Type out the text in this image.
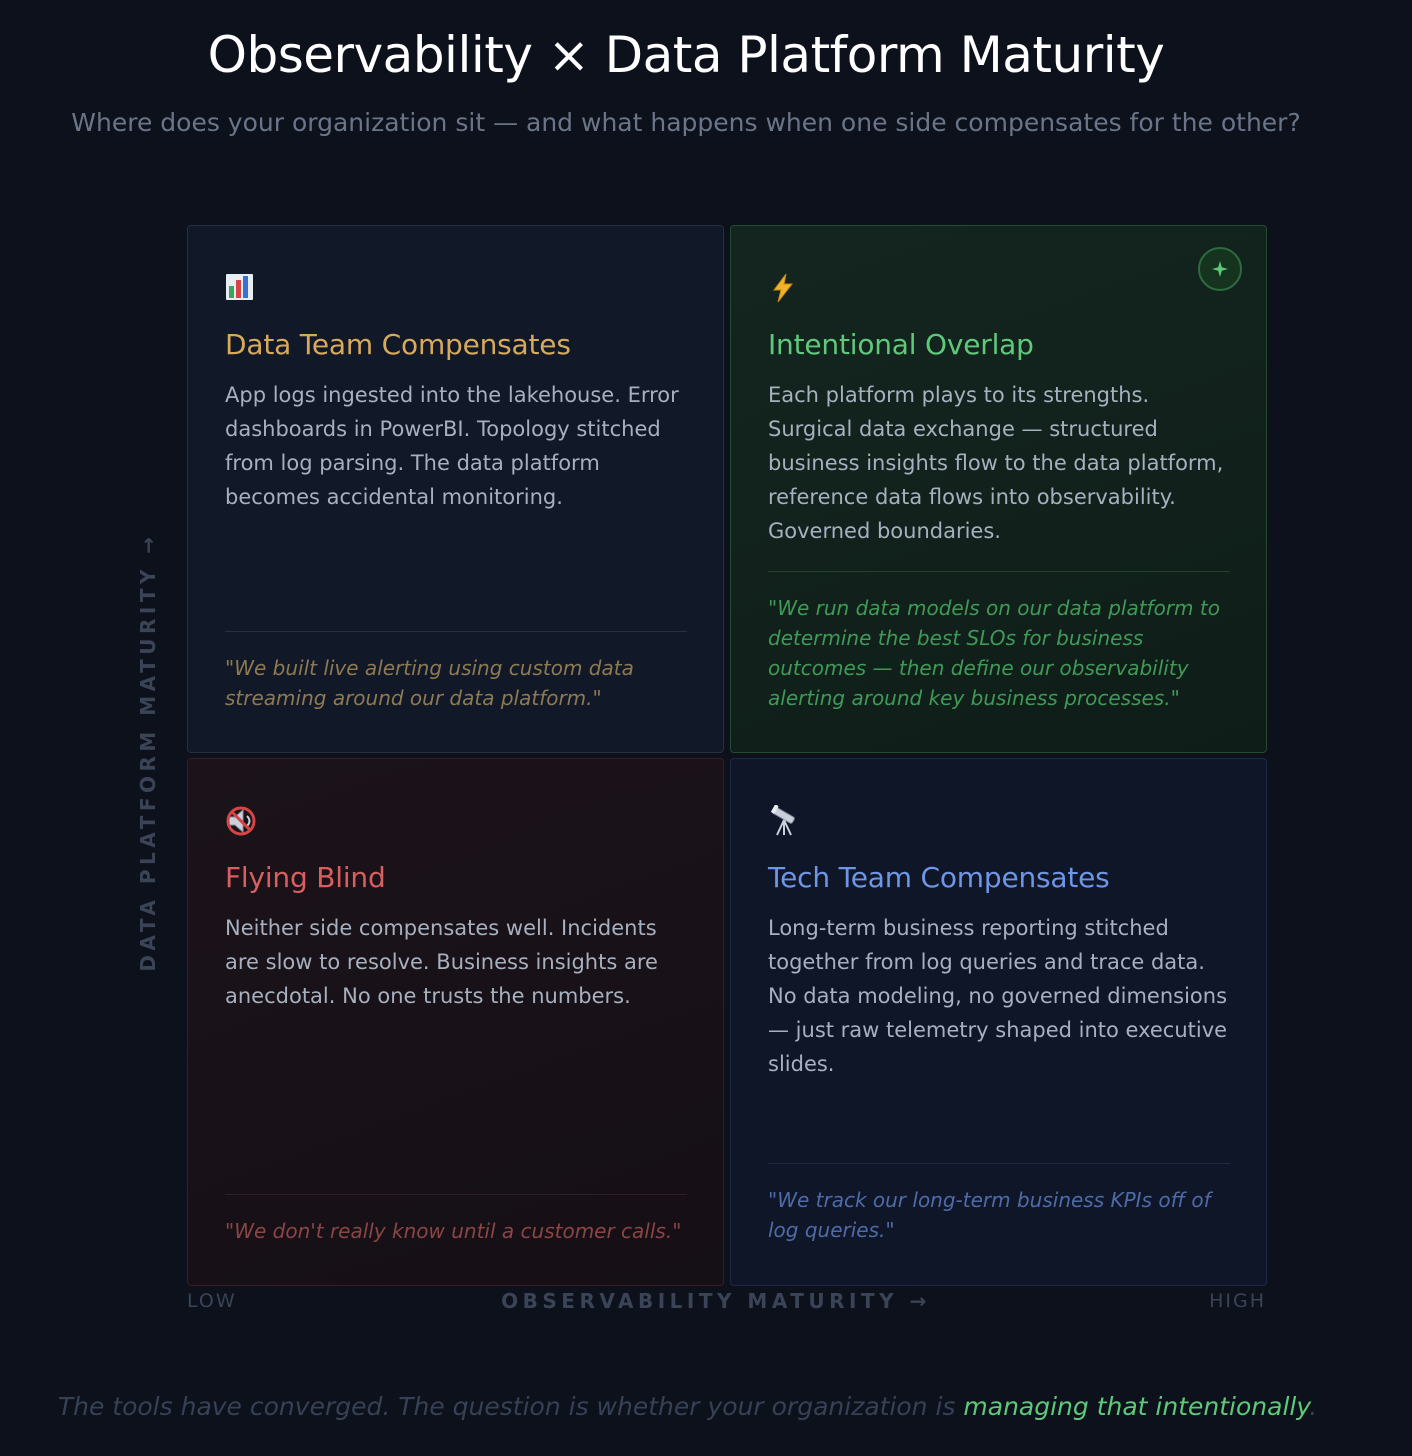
Observability × Data Platform Maturity
Where does your organization sit — and what happens when one side compensates for the other?
DATA PLATFORM MATURITY →
Data Team Compensates
App logs ingested into the lakehouse. Error dashboards in PowerBI. Topology stitched from log parsing. The data platform becomes accidental monitoring.
"We built live alerting using custom data streaming around our data platform."
Intentional Overlap
Each platform plays to its strengths. Surgical data exchange — structured business insights flow to the data platform, reference data flows into observability. Governed boundaries.
"We run data models on our data platform to determine the best SLOs for business outcomes — then define our observability alerting around key business processes."
Flying Blind
Neither side compensates well. Incidents are slow to resolve. Business insights are anecdotal. No one trusts the numbers.
"We don't really know until a customer calls."
Tech Team Compensates
Long-term business reporting stitched together from log queries and trace data. No data modeling, no governed dimensions — just raw telemetry shaped into executive slides.
"We track our long-term business KPIs off of log queries."
LOW	OBSERVABILITY MATURITY →	HIGH
The tools have converged. The question is whether your organization is managing that intentionally.
